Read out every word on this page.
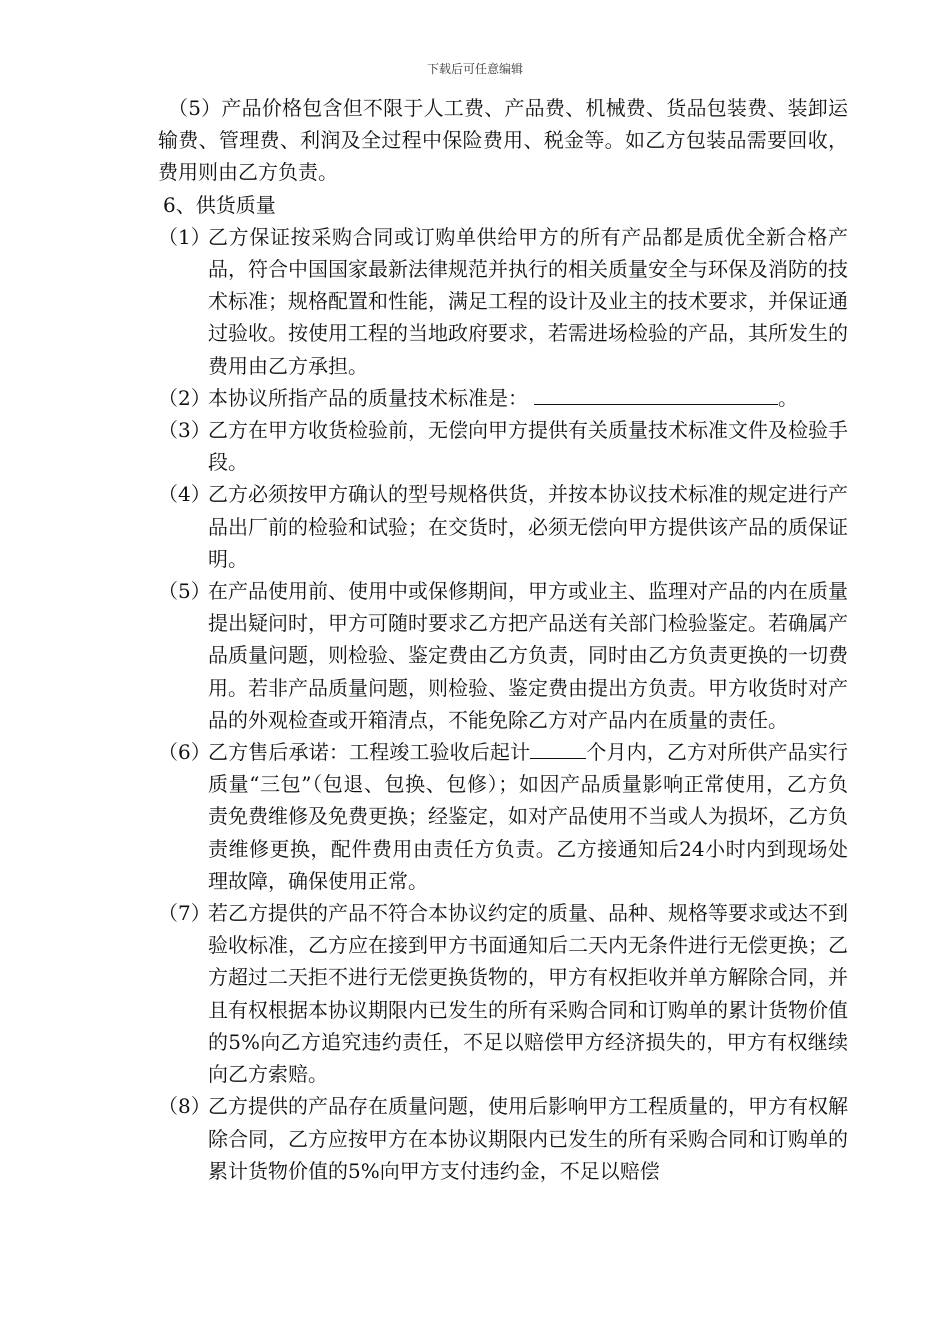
下载后可任意编辑

（5）产品价格包含但不限于人工费、产品费、机械费、货品包装费、装卸运输费、管理费、利润及全过程中保险费用、税金等。如乙方包装品需要回收，费用则由乙方负责。

6、供货质量

（1）
乙方保证按采购合同或订购单供给甲方的所有产品都是质优全新合格产品，符合中国国家最新法律规范并执行的相关质量安全与环保及消防的技术标准；规格配置和性能，满足工程的设计及业主的技术要求，并保证通过验收。按使用工程的当地政府要求，若需进场检验的产品，其所发生的费用由乙方承担。
（2）
本协议所指产品的质量技术标准是：	。
（3）
乙方在甲方收货检验前，无偿向甲方提供有关质量技术标准文件及检验手段。
（4）
乙方必须按甲方确认的型号规格供货，并按本协议技术标准的规定进行产品出厂前的检验和试验；在交货时，必须无偿向甲方提供该产品的质保证明。
（5）
在产品使用前、使用中或保修期间，甲方或业主、监理对产品的内在质量提出疑问时，甲方可随时要求乙方把产品送有关部门检验鉴定。若确属产品质量问题，则检验、鉴定费由乙方负责，同时由乙方负责更换的一切费用。若非产品质量问题，则检验、鉴定费由提出方负责。甲方收货时对产品的外观检查或开箱清点，不能免除乙方对产品内在质量的责任。
（6）
乙方售后承诺：工程竣工验收后起计	个月内，乙方对所供产品实行质量“三包”（包退、包换、包修）；如因产品质量影响正常使用，乙方负责免费维修及免费更换；经鉴定，如对产品使用不当或人为损坏，乙方负责维修更换，配件费用由责任方负责。乙方接通知后24小时内到现场处理故障，确保使用正常。
（7）
若乙方提供的产品不符合本协议约定的质量、品种、规格等要求或达不到验收标准，乙方应在接到甲方书面通知后二天内无条件进行无偿更换；乙方超过二天拒不进行无偿更换货物的，甲方有权拒收并单方解除合同，并且有权根据本协议期限内已发生的所有采购合同和订购单的累计货物价值的5%向乙方追究违约责任，不足以赔偿甲方经济损失的，甲方有权继续向乙方索赔。
（8）
乙方提供的产品存在质量问题，使用后影响甲方工程质量的，甲方有权解除合同，乙方应按甲方在本协议期限内已发生的所有采购合同和订购单的累计货物价值的5%向甲方支付违约金，不足以赔偿
